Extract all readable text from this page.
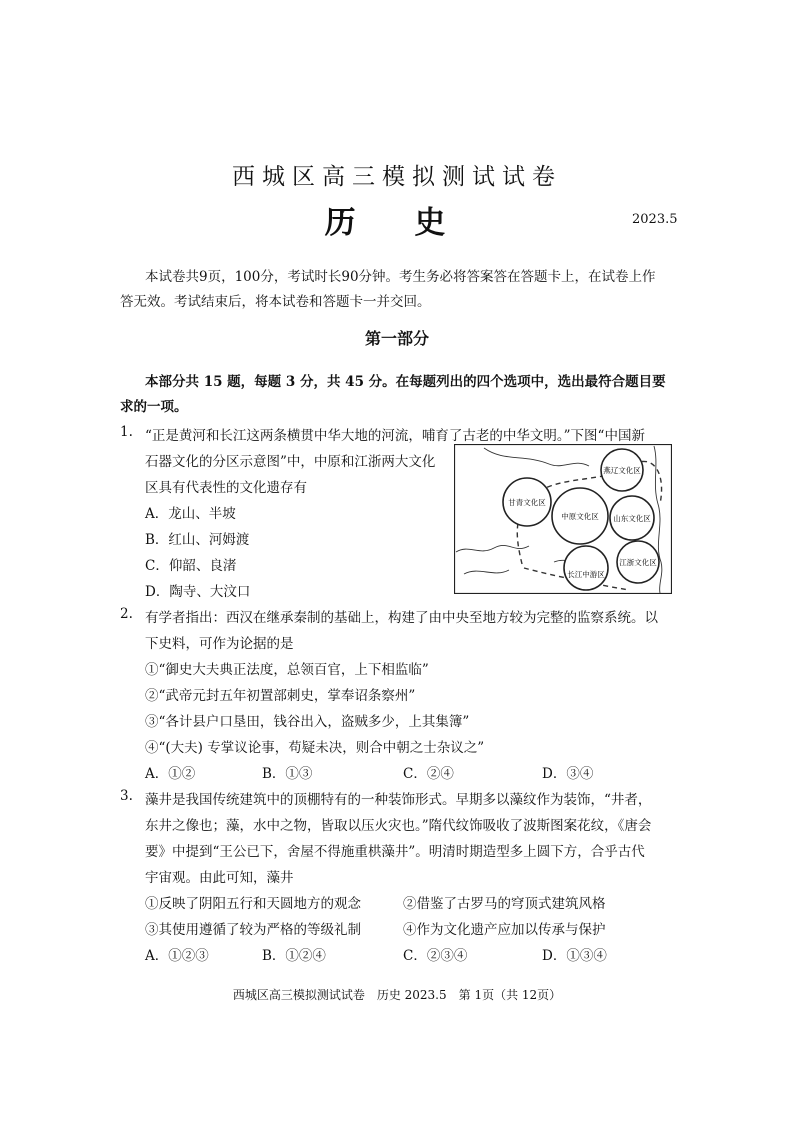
西城区高三模拟测试试卷
历 史	2023.5
本试卷共9页，100分，考试时长90分钟。考生务必将答案答在答题卡上，在试卷上作
答无效。考试结束后，将本试卷和答题卡一并交回。
第一部分
本部分共 15 题，每题 3 分，共 45 分。在每题列出的四个选项中，选出最符合题目要
求的一项。
1. “正是黄河和长江这两条横贯中华大地的河流，哺育了古老的中华文明。”下图“中国新
石器文化的分区示意图”中，中原和江浙两大文化
区具有代表性的文化遗存有
A．龙山、半坡
B．红山、河姆渡
C．仰韶、良渚
D．陶寺、大汶口
燕辽文化区
甘青文化区
中原文化区 山东文化区
长江中游区
江浙文化区
2. 有学者指出：西汉在继承秦制的基础上，构建了由中央至地方较为完整的监察系统。以
下史料，可作为论据的是
①“御史大夫典正法度，总领百官，上下相监临”
②“武帝元封五年初置部刺史，掌奉诏条察州”
③“各计县户口垦田，钱谷出入，盗贼多少，上其集簿”
④“(大夫) 专掌议论事，苟疑未决，则合中朝之士杂议之”
A．①②	B．①③	C．②④	D．③④
3. 藻井是我国传统建筑中的顶棚特有的一种装饰形式。早期多以藻纹作为装饰，“井者，
东井之像也；藻，水中之物，皆取以压火灾也。”隋代纹饰吸收了波斯图案花纹，《唐会
要》中提到“王公已下，舍屋不得施重栱藻井”。明清时期造型多上圆下方，合乎古代
宇宙观。由此可知，藻井
①反映了阴阳五行和天圆地方的观念	②借鉴了古罗马的穹顶式建筑风格
③其使用遵循了较为严格的等级礼制	④作为文化遗产应加以传承与保护
A．①②③	B．①②④	C．②③④	D．①③④
西城区高三模拟测试试卷　历史 2023.5　第 1页（共 12页）
